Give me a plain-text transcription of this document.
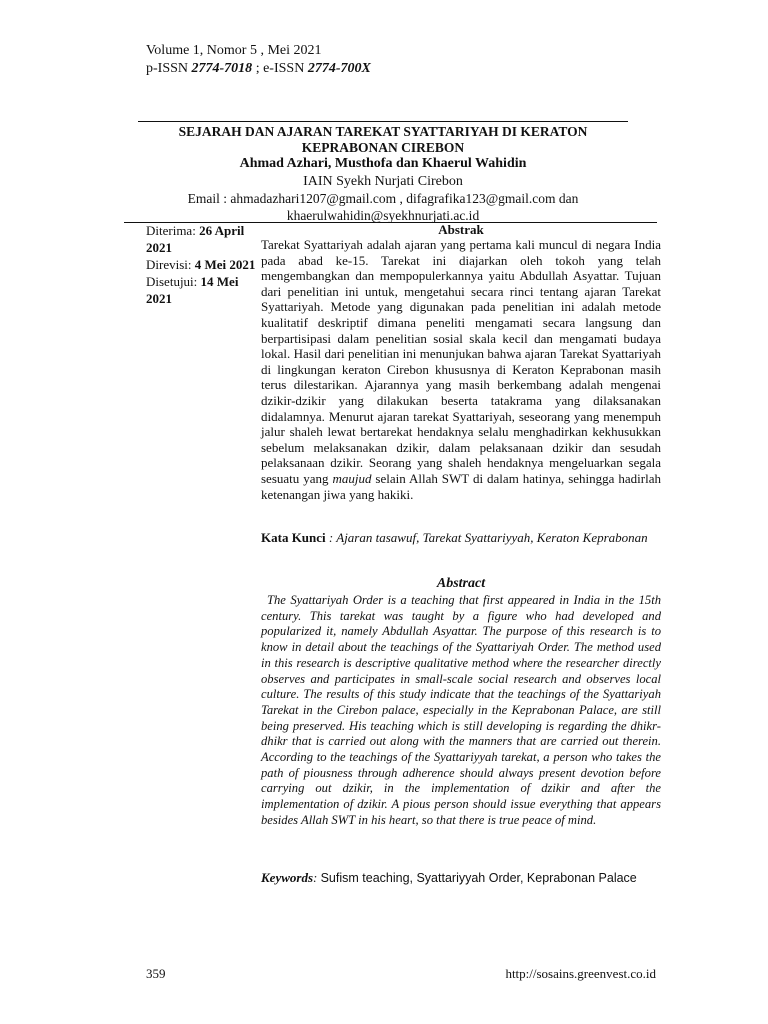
Volume 1, Nomor 5 , Mei 2021
p-ISSN 2774-7018 ; e-ISSN 2774-700X
SEJARAH DAN AJARAN TAREKAT SYATTARIYAH DI KERATON
KEPRABONAN CIREBON
Ahmad Azhari, Musthofa dan Khaerul Wahidin
IAIN Syekh Nurjati Cirebon
Email : ahmadazhari1207@gmail.com , difagrafika123@gmail.com dan
khaerulwahidin@syekhnurjati.ac.id
Diterima: 26 April 2021
Direvisi: 4 Mei 2021
Disetujui: 14 Mei 2021
Abstrak
Tarekat Syattariyah adalah ajaran yang pertama kali muncul di negara India pada abad ke-15. Tarekat ini diajarkan oleh tokoh yang telah mengembangkan dan mempopulerkannya yaitu Abdullah Asyattar. Tujuan dari penelitian ini untuk, mengetahui secara rinci tentang ajaran Tarekat Syattariyah. Metode yang digunakan pada penelitian ini adalah metode kualitatif deskriptif dimana peneliti mengamati secara langsung dan berpartisipasi dalam penelitian sosial skala kecil dan mengamati budaya lokal. Hasil dari penelitian ini menunjukan bahwa ajaran Tarekat Syattariyah di lingkungan keraton Cirebon khususnya di Keraton Keprabonan masih terus dilestarikan. Ajarannya yang masih berkembang adalah mengenai dzikir-dzikir yang dilakukan beserta tatakrama yang dilaksanakan didalamnya. Menurut ajaran tarekat Syattariyah, seseorang yang menempuh jalur shaleh lewat bertarekat hendaknya selalu menghadirkan kekhusukkan sebelum melaksanakan dzikir, dalam pelaksanaan dzikir dan sesudah pelaksanaan dzikir. Seorang yang shaleh hendaknya mengeluarkan segala sesuatu yang maujud selain Allah SWT di dalam hatinya, sehingga hadirlah ketenangan jiwa yang hakiki.
Kata Kunci : Ajaran tasawuf, Tarekat Syattariyyah, Keraton Keprabonan
Abstract
The Syattariyah Order is a teaching that first appeared in India in the 15th century. This tarekat was taught by a figure who had developed and popularized it, namely Abdullah Asyattar. The purpose of this research is to know in detail about the teachings of the Syattariyah Order. The method used in this research is descriptive qualitative method where the researcher directly observes and participates in small-scale social research and observes local culture. The results of this study indicate that the teachings of the Syattariyah Tarekat in the Cirebon palace, especially in the Keprabonan Palace, are still being preserved. His teaching which is still developing is regarding the dhikr-dhikr that is carried out along with the manners that are carried out therein. According to the teachings of the Syattariyyah tarekat, a person who takes the path of piousness through adherence should always present devotion before carrying out dzikir, in the implementation of dzikir and after the implementation of dzikir. A pious person should issue everything that appears besides Allah SWT in his heart, so that there is true peace of mind.
Keywords: Sufism teaching, Syattariyyah Order, Keprabonan Palace
359	http://sosains.greenvest.co.id
